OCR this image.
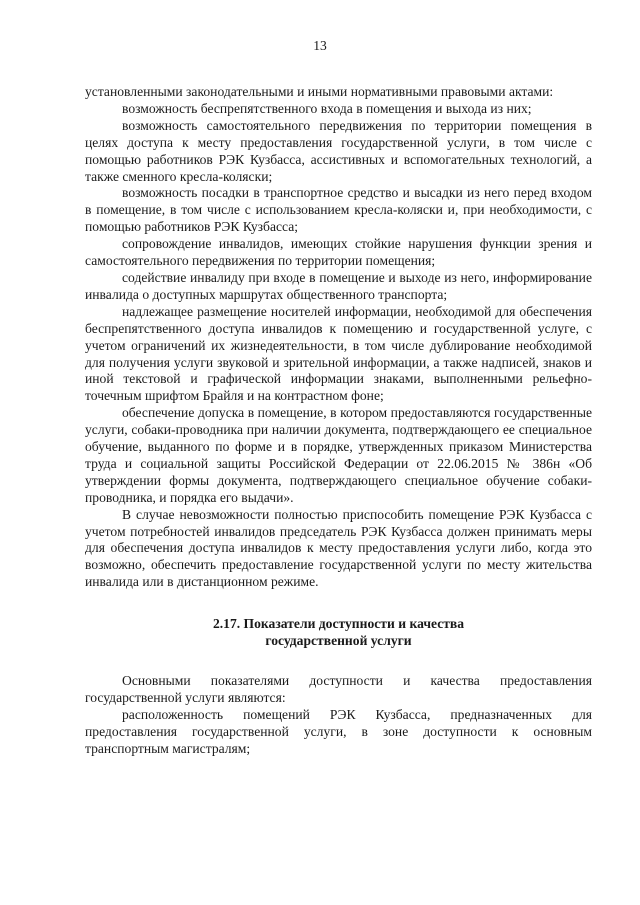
13

установленными законодательными и иными нормативными правовыми актами:

возможность беспрепятственного входа в помещения и выхода из них;

возможность самостоятельного передвижения по территории помещения в целях доступа к месту предоставления государственной услуги, в том числе с помощью работников РЭК Кузбасса, ассистивных и вспомогательных технологий, а также сменного кресла-коляски;

возможность посадки в транспортное средство и высадки из него перед входом в помещение, в том числе с использованием кресла-коляски и, при необходимости, с помощью работников РЭК Кузбасса;

сопровождение инвалидов, имеющих стойкие нарушения функции зрения и самостоятельного передвижения по территории помещения;

содействие инвалиду при входе в помещение и выходе из него, информирование инвалида о доступных маршрутах общественного транспорта;

надлежащее размещение носителей информации, необходимой для обеспечения беспрепятственного доступа инвалидов к помещению и государственной услуге, с учетом ограничений их жизнедеятельности, в том числе дублирование необходимой для получения услуги звуковой и зрительной информации, а также надписей, знаков и иной текстовой и графической информации знаками, выполненными рельефно-точечным шрифтом Брайля и на контрастном фоне;

обеспечение допуска в помещение, в котором предоставляются государственные услуги, собаки-проводника при наличии документа, подтверждающего ее специальное обучение, выданного по форме и в порядке, утвержденных приказом Министерства труда и социальной защиты Российской Федерации от 22.06.2015 № 386н «Об утверждении формы документа, подтверждающего специальное обучение собаки-проводника, и порядка его выдачи».

В случае невозможности полностью приспособить помещение РЭК Кузбасса с учетом потребностей инвалидов председатель РЭК Кузбасса должен принимать меры для обеспечения доступа инвалидов к месту предоставления услуги либо, когда это возможно, обеспечить предоставление государственной услуги по месту жительства инвалида или в дистанционном режиме.

2.17. Показатели доступности и качества
государственной услуги

Основными показателями доступности и качества предоставления государственной услуги являются:

расположенность помещений РЭК Кузбасса, предназначенных для предоставления государственной услуги, в зоне доступности к основным транспортным магистралям;
